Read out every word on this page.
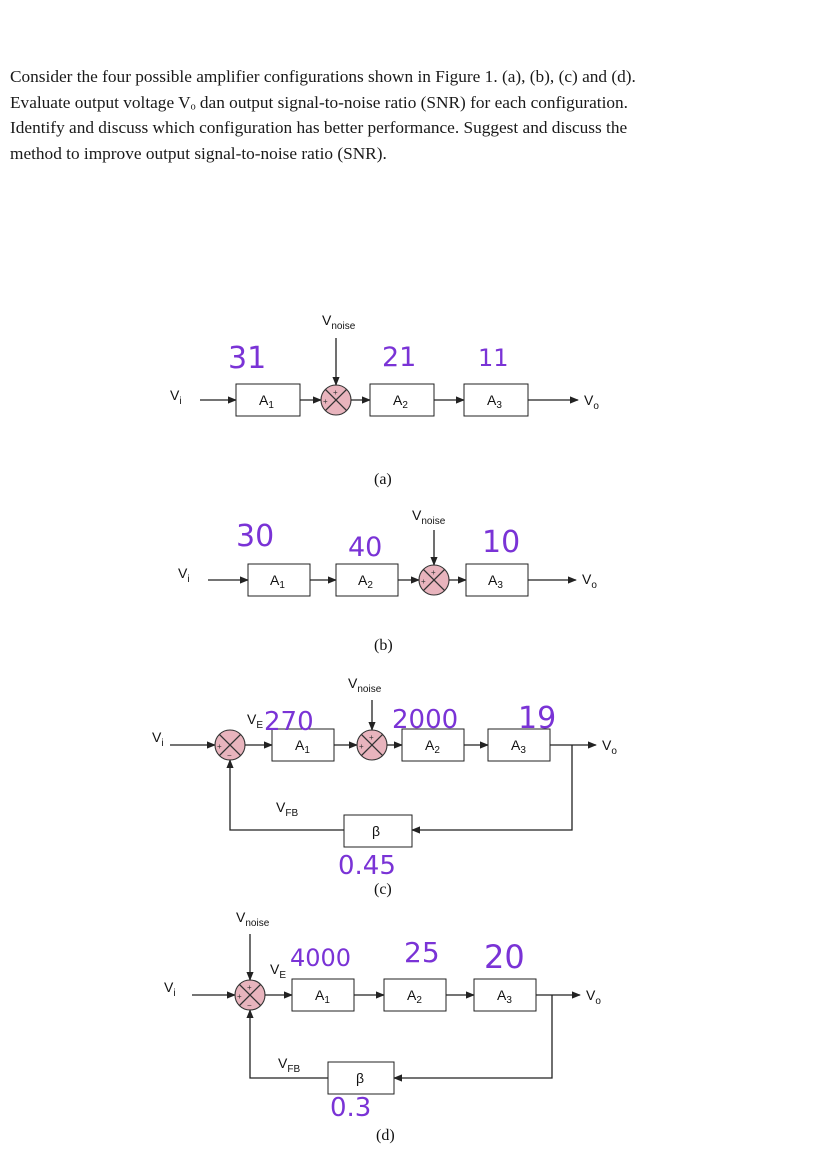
Consider the four possible amplifier configurations shown in Figure 1. (a), (b), (c) and (d).
Evaluate output voltage Vₒ dan output signal-to-noise ratio (SNR) for each configuration.
Identify and discuss which configuration has better performance. Suggest and discuss the
method to improve output signal-to-noise ratio (SNR).
$V_i$	$A_1$
+
+
$V_{noise}$
$A_2$	$A_3$	$V_o$
31	21	11
(a)
$V_i$	$A_1$	$A_2$
+
+
$V_{noise}$
$A_3$	$V_o$
30	40	10
(b)
$V_i$	+
−
$V_E$
$A_1$
+
+
$V_{noise}$
$A_2$	$A_3$	$V_o$
β
$V_{FB}$
270	2000 19
0.45
(c)
$V_i$	+
+
−
$V_{noise}$
$V_E$
$A_1$	$A_2$	$A_3$	$V_o$
β
$V_{FB}$
4000 25 20
0.3
(d)
